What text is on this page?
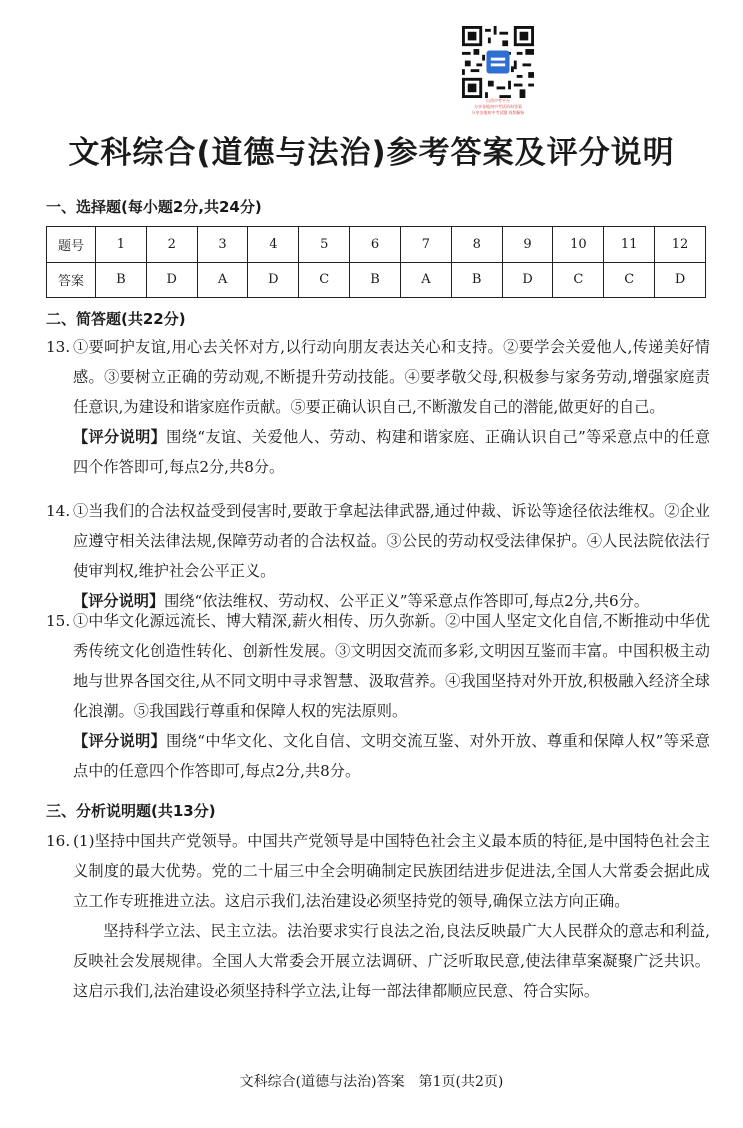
山西中考平台
分享各地初中考试资料答案
分享各地初中考试题 视频解析
文科综合(道德与法治)参考答案及评分说明
一、选择题(每小题2分,共24分)
题号	1	2	3	4	5	6	7	8	9	10	11	12
答案	B	D	A	D	C	B	A	B	D	C	C	D
二、简答题(共22分)
13. ①要呵护友谊,用心去关怀对方,以行动向朋友表达关心和支持。②要学会关爱他人,传递美好情感。③要树立正确的劳动观,不断提升劳动技能。④要孝敬父母,积极参与家务劳动,增强家庭责任意识,为建设和谐家庭作贡献。⑤要正确认识自己,不断激发自己的潜能,做更好的自己。

【评分说明】围绕“友谊、关爱他人、劳动、构建和谐家庭、正确认识自己”等采意点中的任意四个作答即可,每点2分,共8分。

14. ①当我们的合法权益受到侵害时,要敢于拿起法律武器,通过仲裁、诉讼等途径依法维权。②企业应遵守相关法律法规,保障劳动者的合法权益。③公民的劳动权受法律保护。④人民法院依法行使审判权,维护社会公平正义。

【评分说明】围绕“依法维权、劳动权、公平正义”等采意点作答即可,每点2分,共6分。

15. ①中华文化源远流长、博大精深,薪火相传、历久弥新。②中国人坚定文化自信,不断推动中华优秀传统文化创造性转化、创新性发展。③文明因交流而多彩,文明因互鉴而丰富。中国积极主动地与世界各国交往,从不同文明中寻求智慧、汲取营养。④我国坚持对外开放,积极融入经济全球化浪潮。⑤我国践行尊重和保障人权的宪法原则。

【评分说明】围绕“中华文化、文化自信、文明交流互鉴、对外开放、尊重和保障人权”等采意点中的任意四个作答即可,每点2分,共8分。

三、分析说明题(共13分)
16. (1)坚持中国共产党领导。中国共产党领导是中国特色社会主义最本质的特征,是中国特色社会主义制度的最大优势。党的二十届三中全会明确制定民族团结进步促进法,全国人大常委会据此成立工作专班推进立法。这启示我们,法治建设必须坚持党的领导,确保立法方向正确。

坚持科学立法、民主立法。法治要求实行良法之治,良法反映最广大人民群众的意志和利益,反映社会发展规律。全国人大常委会开展立法调研、广泛听取民意,使法律草案凝聚广泛共识。这启示我们,法治建设必须坚持科学立法,让每一部法律都顺应民意、符合实际。

文科综合(道德与法治)答案　第1页(共2页)
